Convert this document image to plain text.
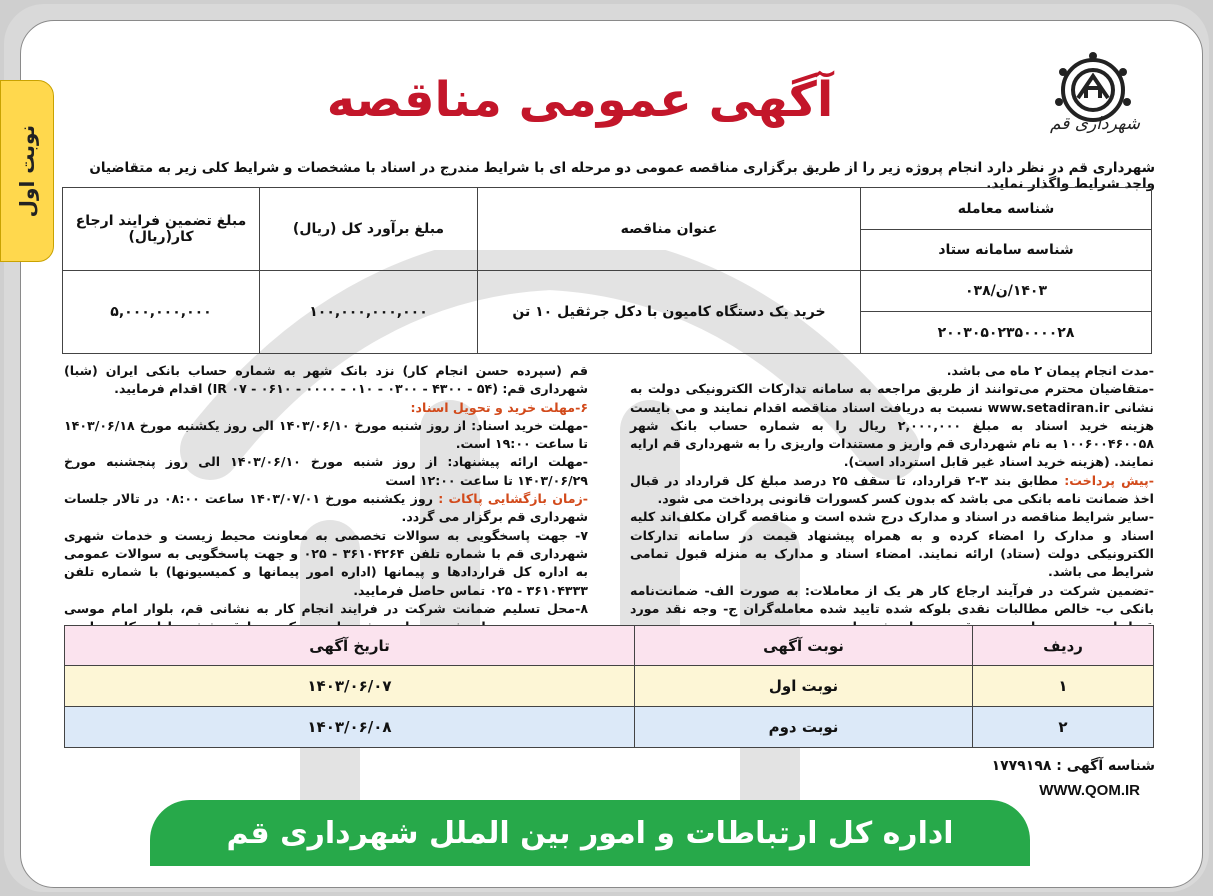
نوبت اول
شهرداری قم
آگهی عمومی مناقصه
شهرداری قم در نظر دارد انجام پروژه زیر را از طریق برگزاری مناقصه عمومی دو مرحله ای با شرایط مندرج در اسناد با مشخصات و شرایط کلی زیر به متقاضیان واجد شرایط واگذار نماید.
شناسه معامله	عنوان مناقصه	مبلغ برآورد کل (ریال)	مبلغ تضمین فرایند ارجاع کار(ریال)
شناسه سامانه ستاد			
۱۴۰۳/ن/۰۳۸	خرید یک دستگاه کامیون با دکل جرثقیل ۱۰ تن	۱۰۰,۰۰۰,۰۰۰,۰۰۰	۵,۰۰۰,۰۰۰,۰۰۰
۲۰۰۳۰۵۰۲۳۵۰۰۰۰۲۸			

-مدت انجام پیمان ۲ ماه می باشد.

-متقاضیان محترم می‌توانند از طریق مراجعه به سامانه تدارکات الکترونیکی دولت به نشانی www.setadiran.ir نسبت به دریافت اسناد مناقصه اقدام نمایند و می بایست هزینه خرید اسناد به مبلغ ۲,۰۰۰,۰۰۰ ریال را به شماره حساب بانک شهر ۱۰۰۶۰۰۴۶۰۰۵۸ به نام شهرداری قم واریز و مستندات واریزی را به شهرداری قم ارایه نمایند. (هزینه خرید اسناد غیر قابل استرداد است).

-پیش پرداخت: مطابق بند ۳-۲ قرارداد، تا سقف ۲۵ درصد مبلغ کل قرارداد در قبال اخذ ضمانت نامه بانکی می باشد که بدون کسر کسورات قانونی پرداخت می شود.

-سایر شرایط مناقصه در اسناد و مدارک درج شده است و مناقصه گران مکلف‌اند کلیه اسناد و مدارک را امضاء کرده و به همراه پیشنهاد قیمت در سامانه تدارکات الکترونیکی دولت (ستاد) ارائه نمایند. امضاء اسناد و مدارک به منزله قبول تمامی شرایط می باشد.

-تضمین شرکت در فرآیند ارجاع کار هر یک از معاملات: به صورت الف- ضمانت‌نامه بانکی ب- خالص مطالبات نقدی بلوکه شده تایید شده معامله‌گران ج- وجه نقد مورد

قم (سپرده حسن انجام کار) نزد بانک شهر به شماره حساب بانکی ایران (شبا) شهرداری قم: (۵۴ - ۴۳۰۰ - ۰۳۰۰ - ۰۱۰ - ۰۰۰۰ - ۰۶۱۰ - ۰۷ IR) اقدام فرمایید.

۶-مهلت خرید و تحویل اسناد:

-مهلت خرید اسناد: از روز شنبه مورخ ۱۴۰۳/۰۶/۱۰ الی روز یکشنبه مورخ ۱۴۰۳/۰۶/۱۸ تا ساعت ۱۹:۰۰ است.

-مهلت ارائه پیشنهاد: از روز شنبه مورخ ۱۴۰۳/۰۶/۱۰ الی روز پنجشنبه مورخ ۱۴۰۳/۰۶/۲۹ تا ساعت ۱۲:۰۰ است

-زمان بازگشایی پاکات : روز یکشنبه مورخ ۱۴۰۳/۰۷/۰۱ ساعت ۰۸:۰۰ در تالار جلسات شهرداری قم برگزار می گردد.

۷- جهت پاسخگویی به سوالات تخصصی به معاونت محیط زیست و خدمات شهری شهرداری قم با شماره تلفن ۳۶۱۰۴۲۶۴ - ۰۲۵ و جهت پاسخگویی به سوالات عمومی به اداره کل قراردادها و پیمانها (اداره امور پیمانها و کمیسیونها) با شماره تلفن ۳۶۱۰۴۳۳۳ - ۰۲۵ تماس حاصل فرمایید.

۸-محل تسلیم ضمانت شرکت در فرایند انجام کار به نشانی قم، بلوار امام موسی

ردیف	نوبت آگهی	تاریخ آگهی
۱	نوبت اول	۱۴۰۳/۰۶/۰۷
۲	نوبت دوم	۱۴۰۳/۰۶/۰۸
شناسه آگهی : ۱۷۷۹۱۹۸
WWW.QOM.IR
اداره کل ارتباطات و امور بین الملل شهرداری قم
